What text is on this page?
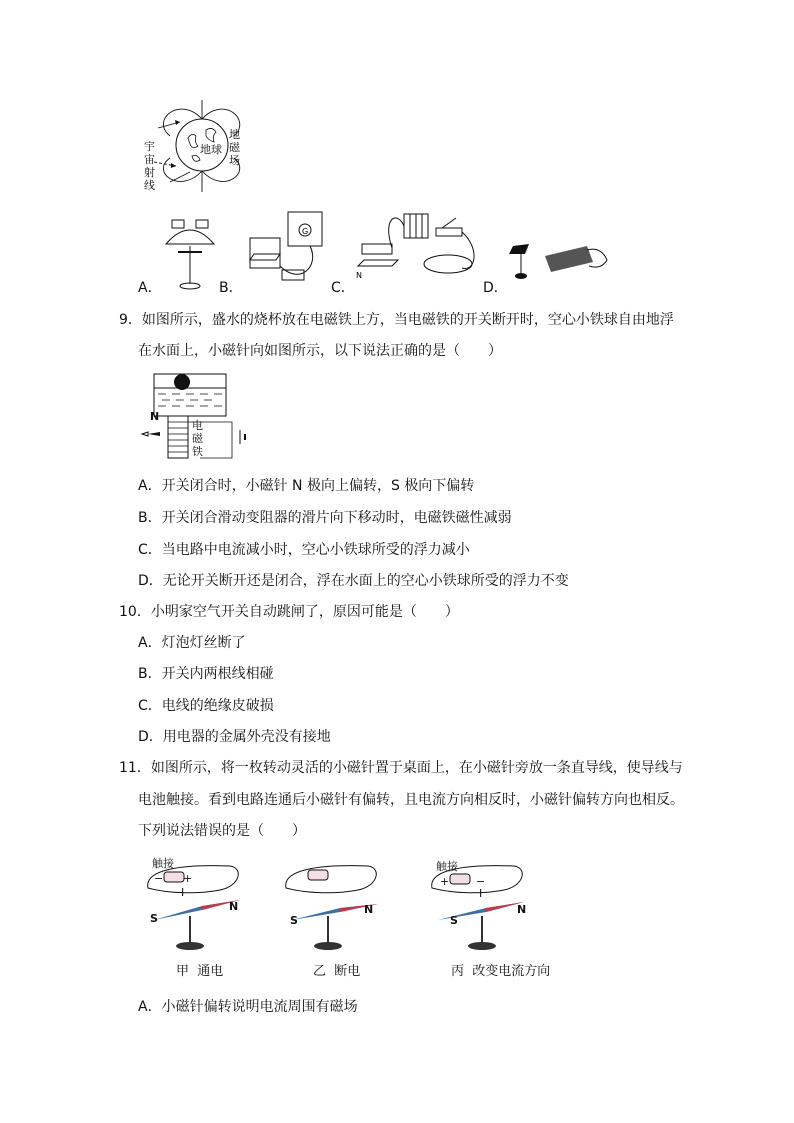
宇
宙
射
线
地球
地
磁
场
G
N
A．	B．	C．	D．
9．如图所示，盛水的烧杯放在电磁铁上方，当电磁铁的开关断开时，空心小铁球自由地浮
在水面上，小磁针向如图所示，以下说法正确的是（　　）
N
电
磁
铁
A．开关闭合时，小磁针 N 极向上偏转，S 极向下偏转
B．开关闭合滑动变阻器的滑片向下移动时，电磁铁磁性减弱
C．当电路中电流减小时，空心小铁球所受的浮力减小
D．无论开关断开还是闭合，浮在水面上的空心小铁球所受的浮力不变
10．小明家空气开关自动跳闸了，原因可能是（　　）
A．灯泡灯丝断了
B．开关内两根线相碰
C．电线的绝缘皮破损
D．用电器的金属外壳没有接地
11．如图所示，将一枚转动灵活的小磁针置于桌面上，在小磁针旁放一条直导线，使导线与
电池触接。看到电路连通后小磁针有偏转，且电流方向相反时，小磁针偏转方向也相反。
下列说法错误的是（　　）
触接
− +
I
S
N
甲  通电
S
N
乙  断电
触接
+ −
I
S
N
丙  改变电流方向
A．小磁针偏转说明电流周围有磁场
